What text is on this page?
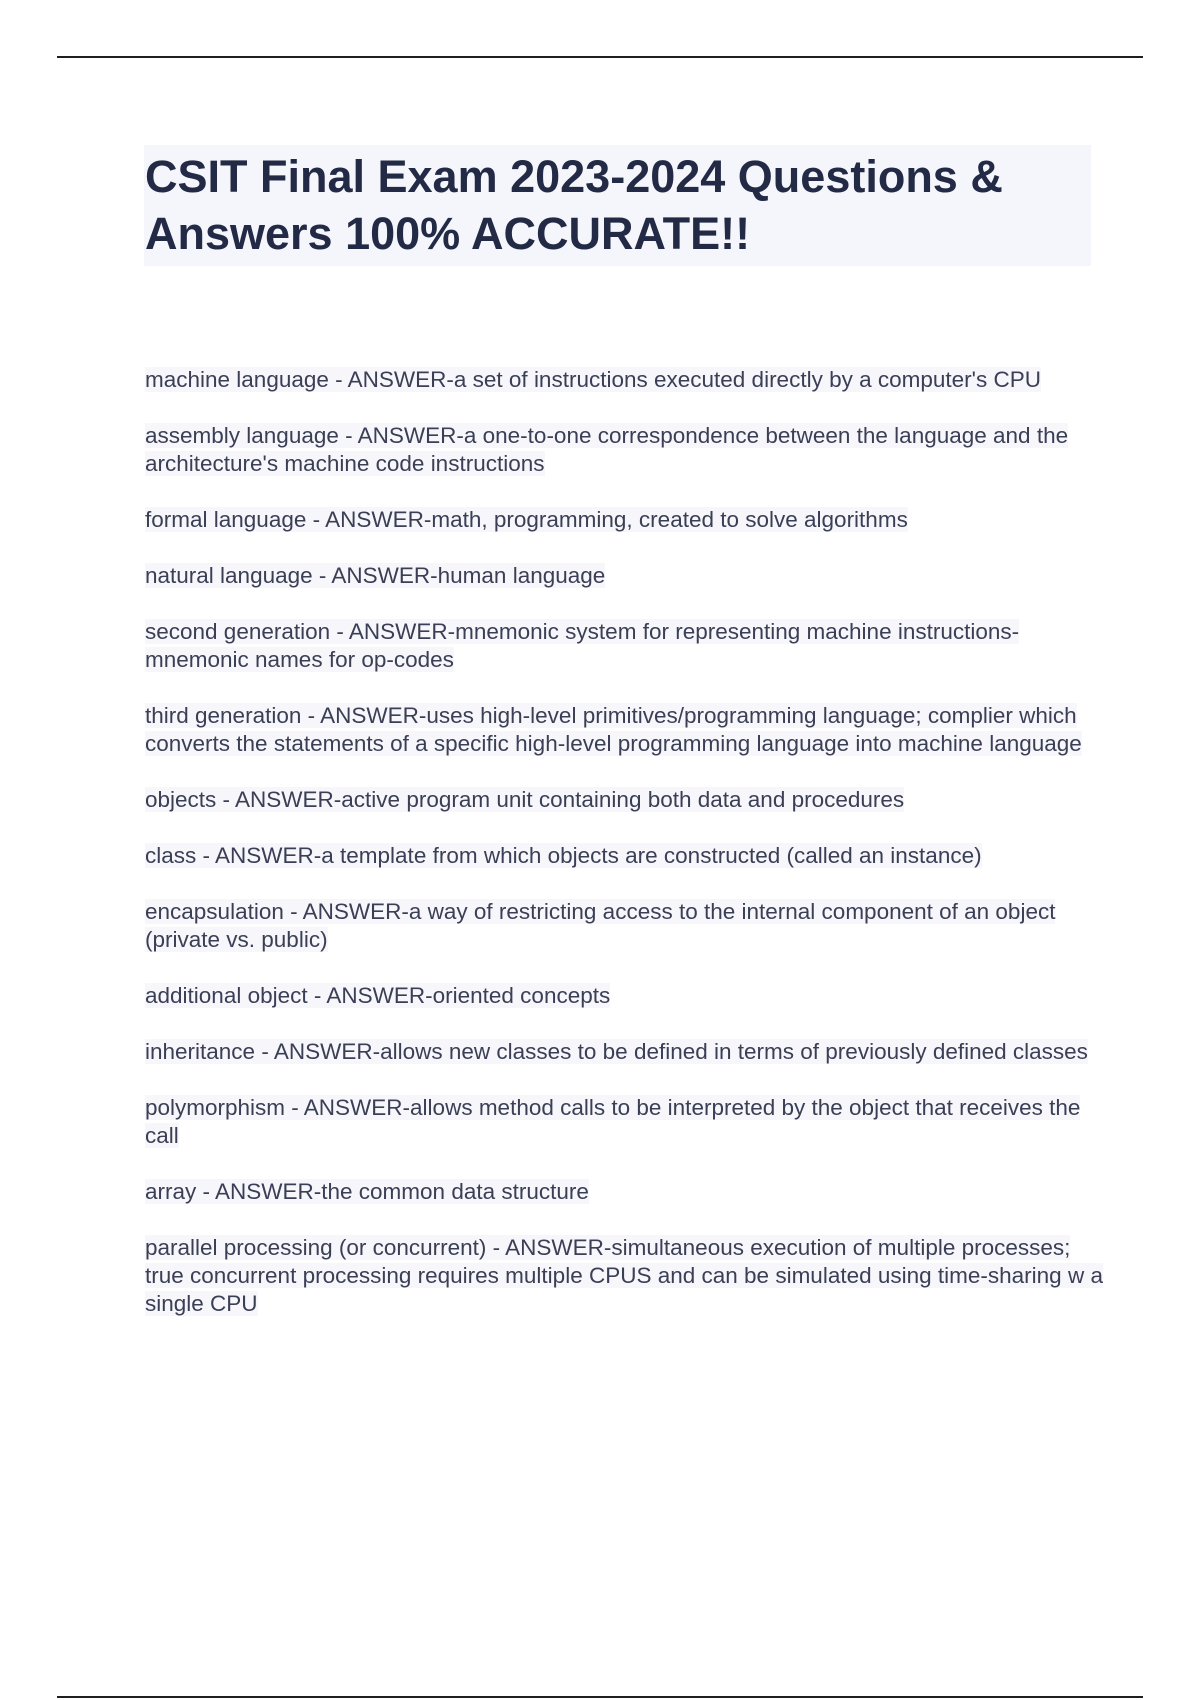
CSIT Final Exam 2023-2024 Questions & Answers 100% ACCURATE!!
machine language - ANSWER-a set of instructions executed directly by a computer's CPU
assembly language - ANSWER-a one-to-one correspondence between the language and the architecture's machine code instructions
formal language - ANSWER-math, programming, created to solve algorithms
natural language - ANSWER-human language
second generation - ANSWER-mnemonic system for representing machine instructions-mnemonic names for op-codes
third generation - ANSWER-uses high-level primitives/programming language; complier which converts the statements of a specific high-level programming language into machine language
objects - ANSWER-active program unit containing both data and procedures
class - ANSWER-a template from which objects are constructed (called an instance)
encapsulation - ANSWER-a way of restricting access to the internal component of an object (private vs. public)
additional object - ANSWER-oriented concepts
inheritance - ANSWER-allows new classes to be defined in terms of previously defined classes
polymorphism - ANSWER-allows method calls to be interpreted by the object that receives the call
array - ANSWER-the common data structure
parallel processing (or concurrent) - ANSWER-simultaneous execution of multiple processes; true concurrent processing requires multiple CPUS and can be simulated using time-sharing w a single CPU
